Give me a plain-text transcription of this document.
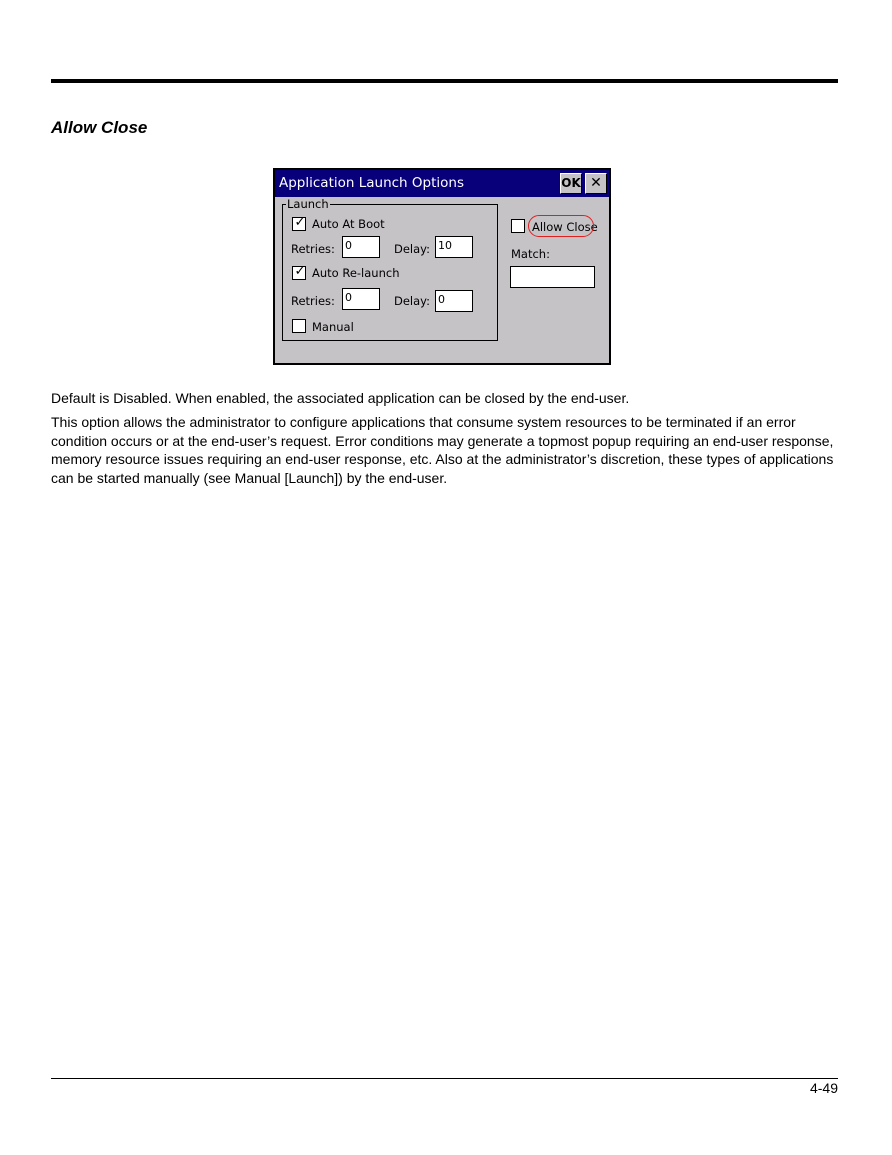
Allow Close
Application Launch Options	OK ✕
Launch
✓ Auto At Boot
Retries: 0	Delay: 10
✓ Auto Re-launch
Retries: 0	Delay: 0
Manual
Allow Close
Match:

Default is Disabled. When enabled, the associated application can be closed by the end-user.

This option allows the administrator to configure applications that consume system resources to be terminated if an error condition occurs or at the end-user’s request. Error conditions may generate a topmost popup requiring an end-user response, memory resource issues requiring an end-user response, etc. Also at the administrator’s discretion, these types of applications can be started manually (see Manual [Launch]) by the end-user.

4-49
